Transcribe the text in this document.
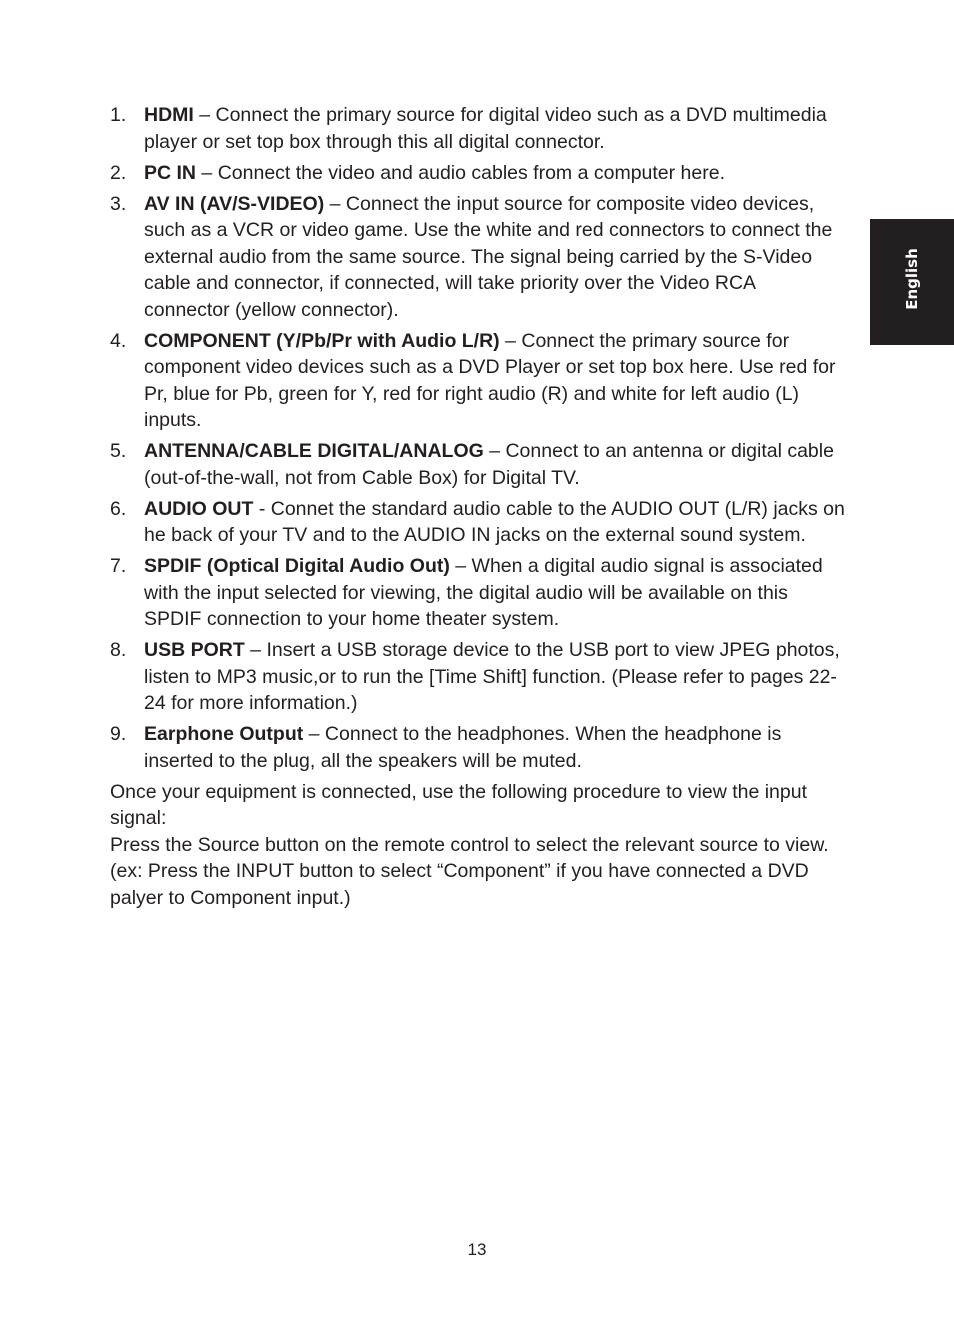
English
1. HDMI – Connect the primary source for digital video such as a DVD multimedia player or set top box through this all digital connector.
2. PC IN – Connect the video and audio cables from a computer here.
3. AV IN (AV/S-VIDEO) – Connect the input source for composite video devices, such as a VCR or video game. Use the white and red connectors to connect the external audio from the same source. The signal being carried by the S-Video cable and connector, if connected, will take priority over the Video RCA connector (yellow connector).
4. COMPONENT (Y/Pb/Pr with Audio L/R) – Connect the primary source for component video devices such as a DVD Player or set top box here. Use red for Pr, blue for Pb, green for Y, red for right audio (R) and white for left audio (L) inputs.
5. ANTENNA/CABLE DIGITAL/ANALOG – Connect to an antenna or digital cable (out-of-the-wall, not from Cable Box) for Digital TV.
6. AUDIO OUT - Connet the standard audio cable to the AUDIO OUT (L/R) jacks on he back of your TV and to the AUDIO IN jacks on the external sound system.
7. SPDIF (Optical Digital Audio Out) – When a digital audio signal is associated with the input selected for viewing, the digital audio will be available on this SPDIF connection to your home theater system.
8. USB PORT – Insert a USB storage device to the USB port to view JPEG photos, listen to MP3 music,or to run the [Time Shift] function. (Please refer to pages 22-24 for more information.)
9. Earphone Output – Connect to the headphones. When the headphone is inserted to the plug, all the speakers will be muted.

Once your equipment is connected, use the following procedure to view the input signal:

Press the Source button on the remote control to select the relevant source to view.

(ex: Press the INPUT button to select “Component” if you have connected a DVD palyer to Component input.)

13
